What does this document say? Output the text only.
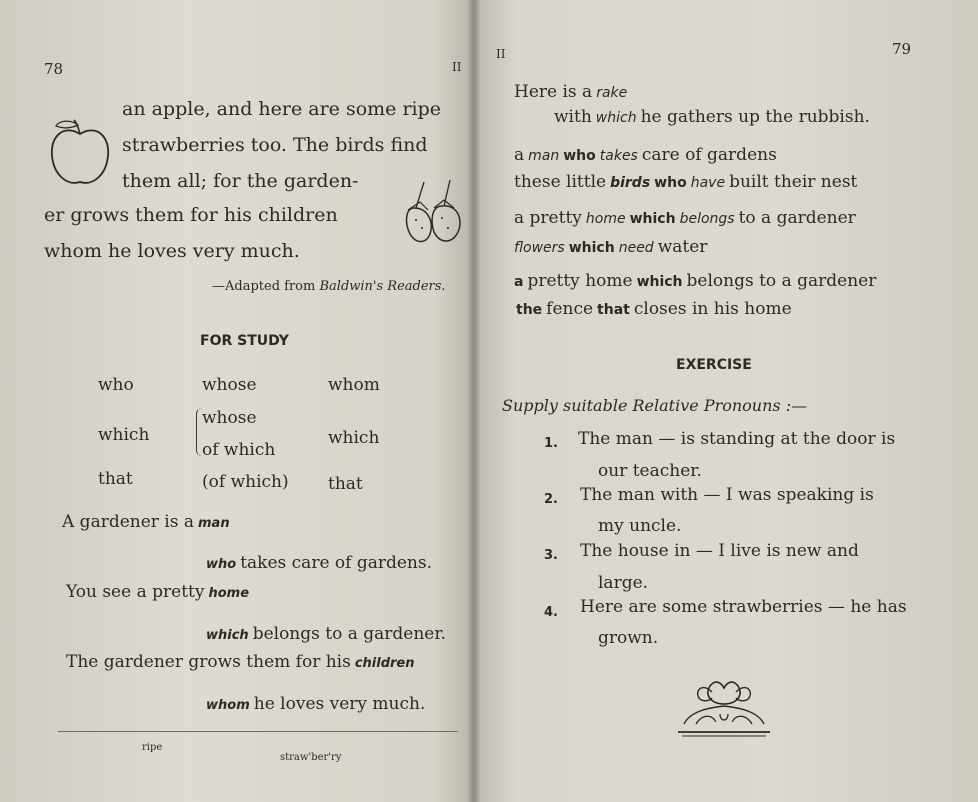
78	II
an apple, and here are some ripe
strawberries too. The birds find
them all; for the garden-
er grows them for his children
whom he loves very much.
—Adapted from Baldwin's Readers.
FOR STUDY
who
which
that
whose
whose
of which
(of which)
whom
which
that
A gardener is a man
who takes care of gardens.
You see a pretty home
which belongs to a gardener.
The gardener grows them for his children
whom he loves very much.
ripe
straw'ber'ry
II	79
Here is a rake
with which he gathers up the rubbish.
a man who takes care of gardens
these little birds who have built their nest
a pretty home which belongs to a gardener
flowers which need water
a pretty home which belongs to a gardener
the fence that closes in his home
EXERCISE
Supply suitable Relative Pronouns :—
1. The man — is standing at the door is
our teacher.
2. The man with — I was speaking is
my uncle.
3. The house in — I live is new and
large.
4. Here are some strawberries — he has
grown.
